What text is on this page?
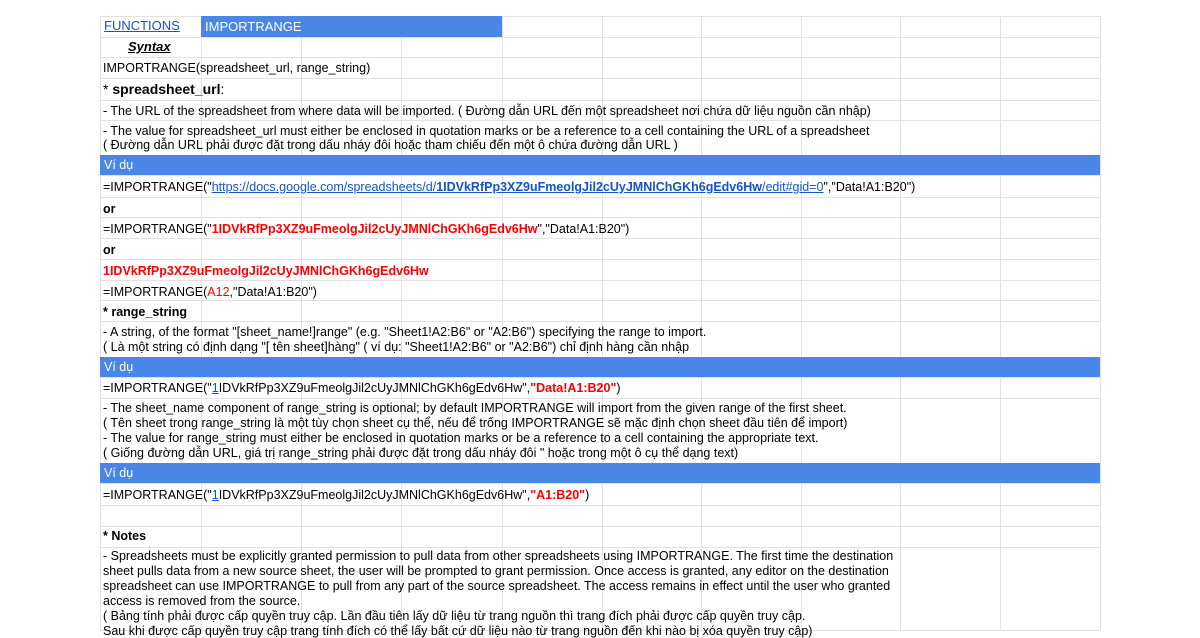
FUNCTIONS IMPORTRANGE
Syntax
IMPORTRANGE(spreadsheet_url, range_string)
* spreadsheet_url:
- The URL of the spreadsheet from where data will be imported. ( Đường dẫn URL đến một spreadsheet nơi chứa dữ liệu nguồn cần nhập)
- The value for spreadsheet_url must either be enclosed in quotation marks or be a reference to a cell containing the URL of a spreadsheet
( Đường dẫn URL phải được đặt trong dấu nháy đôi hoặc tham chiếu đến một ô chứa đường dẫn URL )
Ví dụ
=IMPORTRANGE("https://docs.google.com/spreadsheets/d/1IDVkRfPp3XZ9uFmeolgJil2cUyJMNlChGKh6gEdv6Hw/edit#gid=0","Data!A1:B20")
or
=IMPORTRANGE("1IDVkRfPp3XZ9uFmeolgJil2cUyJMNlChGKh6gEdv6Hw","Data!A1:B20")
or
1IDVkRfPp3XZ9uFmeolgJil2cUyJMNlChGKh6gEdv6Hw
=IMPORTRANGE(A12,"Data!A1:B20")
* range_string
- A string, of the format "[sheet_name!]range" (e.g. "Sheet1!A2:B6" or "A2:B6") specifying the range to import.
( Là một string có định dạng "[ tên sheet]hàng" ( ví dụ: "Sheet1!A2:B6" or "A2:B6") chỉ định hàng cần nhập
Ví dụ
=IMPORTRANGE("1IDVkRfPp3XZ9uFmeolgJil2cUyJMNlChGKh6gEdv6Hw","Data!A1:B20")
- The sheet_name component of range_string is optional; by default IMPORTRANGE will import from the given range of the first sheet.
( Tên sheet trong range_string là một tùy chọn sheet cụ thể, nếu để trống IMPORTRANGE sẽ mặc định chọn sheet đầu tiên để import)
- The value for range_string must either be enclosed in quotation marks or be a reference to a cell containing the appropriate text.
( Giống đường dẫn URL, giá trị range_string phải được đặt trong dấu nháy đôi " hoặc trong một ô cụ thể dạng text)
Ví dụ
=IMPORTRANGE("1IDVkRfPp3XZ9uFmeolgJil2cUyJMNlChGKh6gEdv6Hw","A1:B20")
* Notes
- Spreadsheets must be explicitly granted permission to pull data from other spreadsheets using IMPORTRANGE. The first time the destination
sheet pulls data from a new source sheet, the user will be prompted to grant permission. Once access is granted, any editor on the destination
spreadsheet can use IMPORTRANGE to pull from any part of the source spreadsheet. The access remains in effect until the user who granted
access is removed from the source.
( Bảng tính phải được cấp quyền truy cập. Lần đầu tiên lấy dữ liệu từ trang nguồn thì trang đích phải được cấp quyền truy cập.
Sau khi được cấp quyền truy cập trang tính đích có thể lấy bất cứ dữ liệu nào từ trang nguồn đến khi nào bị xóa quyền truy cập)
